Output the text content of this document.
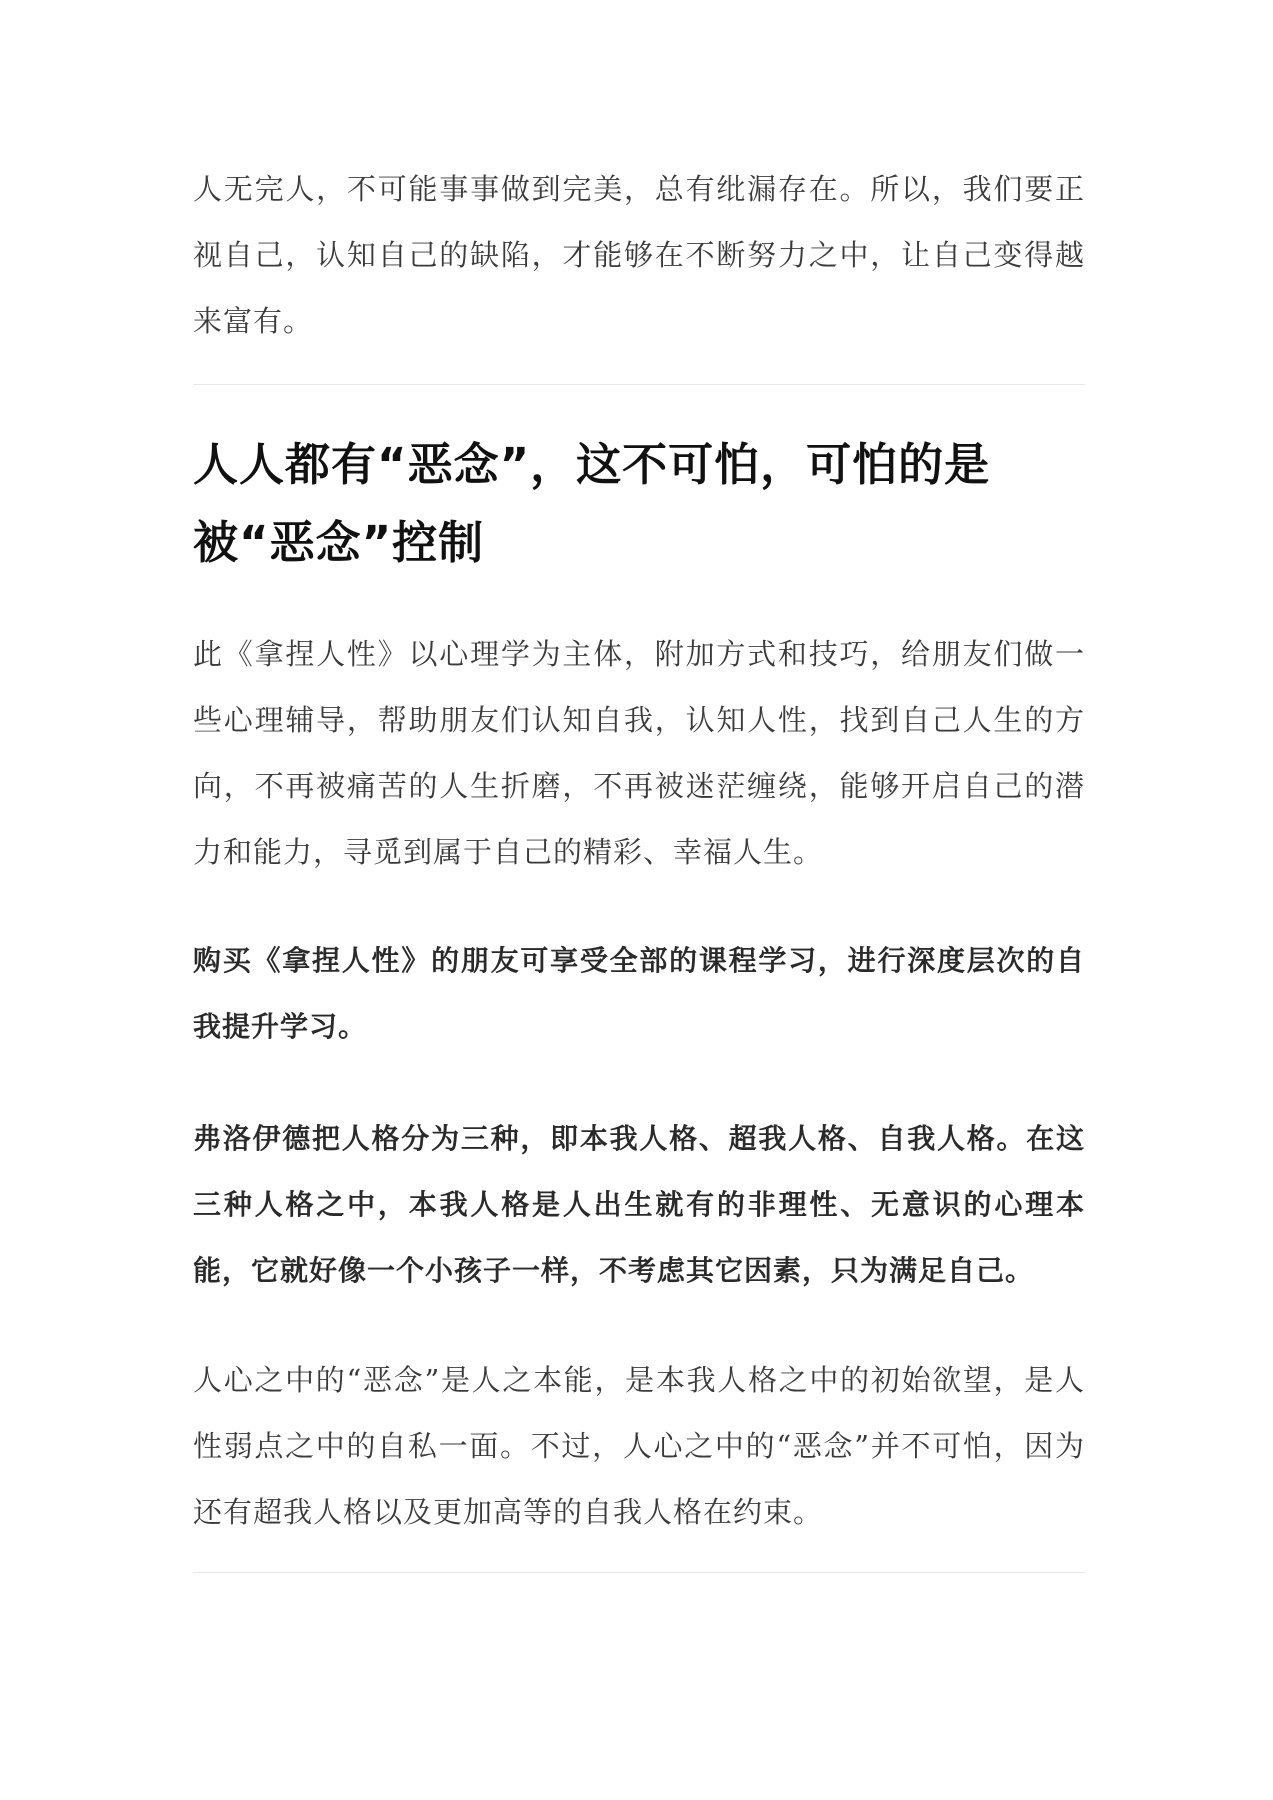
人无完人，不可能事事做到完美，总有纰漏存在。所以，我们要正视自己，认知自己的缺陷，才能够在不断努力之中，让自己变得越来富有。

人人都有“恶念”，这不可怕，可怕的是被“恶念”控制

此《拿捏人性》以心理学为主体，附加方式和技巧，给朋友们做一些心理辅导，帮助朋友们认知自我，认知人性，找到自己人生的方向，不再被痛苦的人生折磨，不再被迷茫缠绕，能够开启自己的潜力和能力，寻觅到属于自己的精彩、幸福人生。

购买《拿捏人性》的朋友可享受全部的课程学习，进行深度层次的自我提升学习。

弗洛伊德把人格分为三种，即本我人格、超我人格、自我人格。在这三种人格之中，本我人格是人出生就有的非理性、无意识的心理本能，它就好像一个小孩子一样，不考虑其它因素，只为满足自己。

人心之中的“恶念”是人之本能，是本我人格之中的初始欲望，是人性弱点之中的自私一面。不过，人心之中的“恶念”并不可怕，因为还有超我人格以及更加高等的自我人格在约束。
